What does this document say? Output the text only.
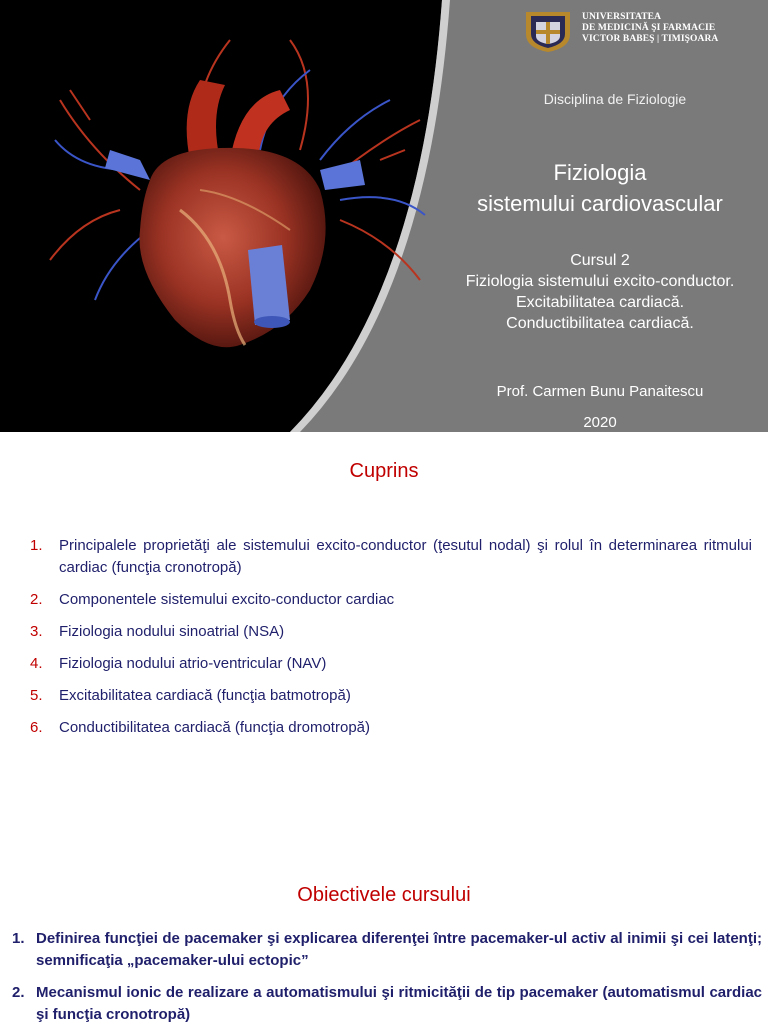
UNIVERSITATEA
DE MEDICINĂ ŞI FARMACIE
VICTOR BABEŞ | TIMIŞOARA
Disciplina de Fiziologie
Fiziologia
sistemului cardiovascular
Cursul 2
Fiziologia sistemului excito-conductor.
Excitabilitatea cardiacă.
Conductibilitatea cardiacă.
Prof. Carmen Bunu Panaitescu
2020
Cuprins
1.	Principalele proprietăţi ale sistemului excito-conductor (ţesutul nodal) şi rolul în determinarea ritmului cardiac (funcţia cronotropă)
2.	Componentele sistemului excito-conductor cardiac
3.	Fiziologia nodului sinoatrial (NSA)
4.	Fiziologia nodului atrio-ventricular (NAV)
5.	Excitabilitatea cardiacă (funcţia batmotropă)
6.	Conductibilitatea cardiacă (funcţia dromotropă)
Obiectivele cursului
1. Definirea funcţiei de pacemaker şi explicarea diferenţei între pacemaker-ul activ al inimii şi cei latenţi; semnificaţia „pacemaker-ului ectopic”
2. Mecanismul ionic de realizare a automatismului şi ritmicităţii de tip pacemaker (automatismul cardiac şi funcţia cronotropă)
